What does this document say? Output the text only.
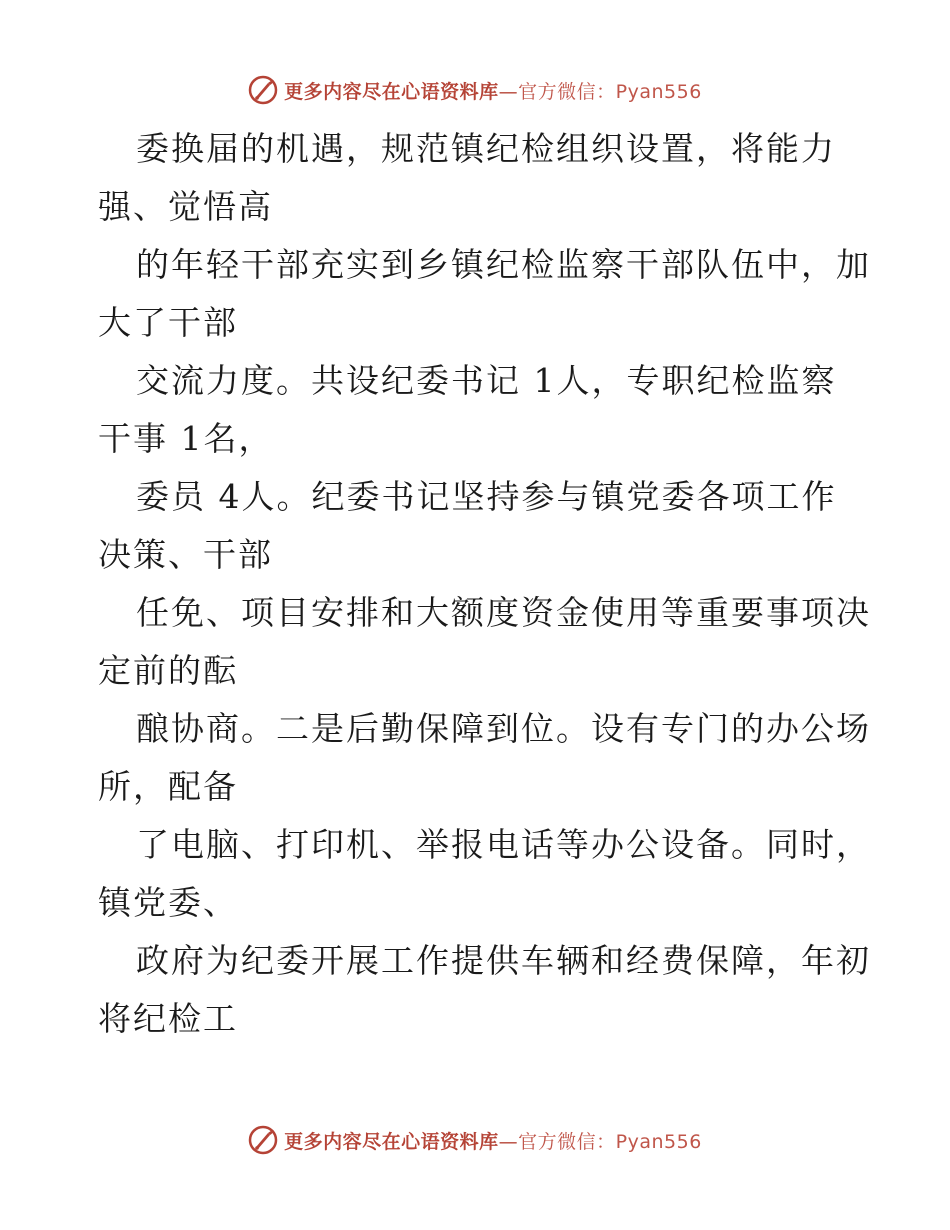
更多内容尽在心语资料库—官方微信：Pyan556
委换届的机遇，规范镇纪检组织设置，将能力
强、觉悟高
的年轻干部充实到乡镇纪检监察干部队伍中，加
大了干部
交流力度。共设纪委书记 1人，专职纪检监察
干事 1名，
委员 4人。纪委书记坚持参与镇党委各项工作
决策、干部
任免、项目安排和大额度资金使用等重要事项决
定前的酝
酿协商。二是后勤保障到位。设有专门的办公场
所，配备
了电脑、打印机、举报电话等办公设备。同时，
镇党委、
政府为纪委开展工作提供车辆和经费保障，年初
将纪检工
更多内容尽在心语资料库—官方微信：Pyan556
